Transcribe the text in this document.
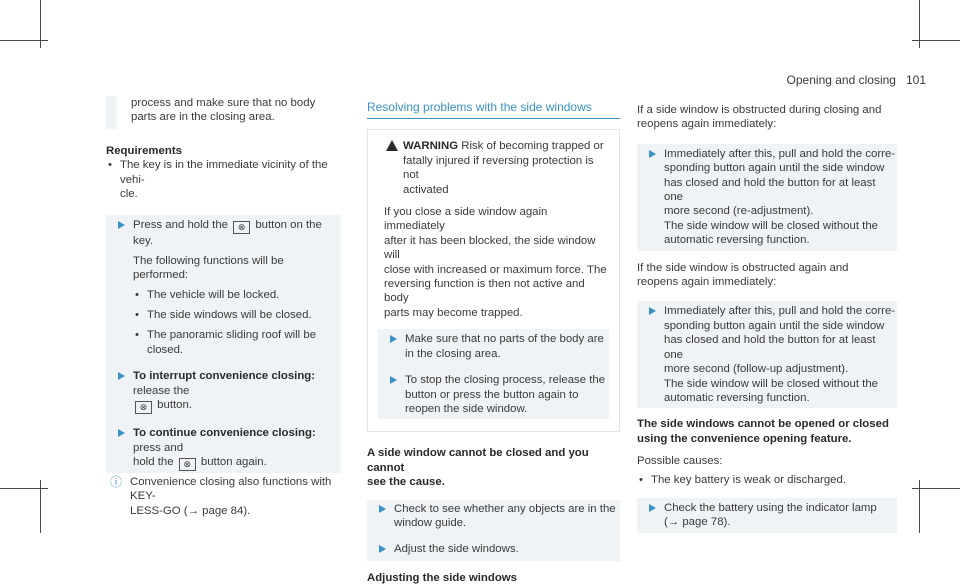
Opening and closing 101

process and make sure that no body

parts are in the closing area.

Requirements

• The key is in the immediate vicinity of the vehi-

cle.

Press and hold the ⊗ button on the key.

The following functions will be performed:

• The vehicle will be locked.

• The side windows will be closed.

• The panoramic sliding roof will be closed.

To interrupt convenience closing: release the

⊗ button.

To continue convenience closing: press and

hold the ⊗ button again.

ⓘ Convenience closing also functions with KEY-

LESS-GO (→ page 84).

Resolving problems with the side windows

WARNING Risk of becoming trapped or

fatally injured if reversing protection is not

activated

If you close a side window again immediately

after it has been blocked, the side window will

close with increased or maximum force. The

reversing function is then not active and body

parts may become trapped.

Make sure that no parts of the body are

in the closing area.

To stop the closing process, release the

button or press the button again to

reopen the side window.

A side window cannot be closed and you cannot

see the cause.

Check to see whether any objects are in the

window guide.

Adjust the side windows.

Adjusting the side windows

If a side window is obstructed during closing and

reopens again immediately:

Immediately after this, pull and hold the corre-

sponding button again until the side window

has closed and hold the button for at least one

more second (re-adjustment).

The side window will be closed without the

automatic reversing function.

If the side window is obstructed again and

reopens again immediately:

Immediately after this, pull and hold the corre-

sponding button again until the side window

has closed and hold the button for at least one

more second (follow-up adjustment).

The side window will be closed without the

automatic reversing function.

The side windows cannot be opened or closed

using the convenience opening feature.

Possible causes:

• The key battery is weak or discharged.

Check the battery using the indicator lamp

(→ page 78).
